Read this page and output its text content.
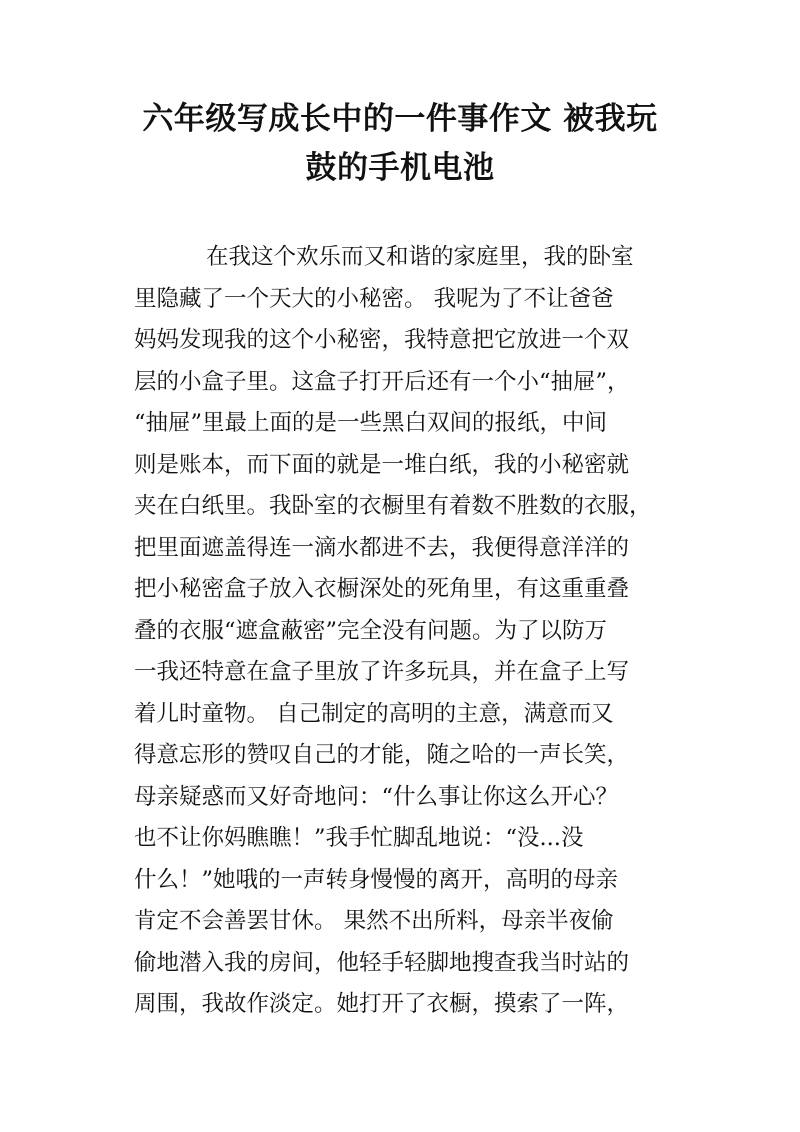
六年级写成长中的一件事作文 被我玩
鼓的手机电池
在我这个欢乐而又和谐的家庭里，我的卧室
里隐藏了一个天大的小秘密。 我呢为了不让爸爸
妈妈发现我的这个小秘密，我特意把它放进一个双
层的小盒子里。这盒子打开后还有一个小“抽屉”，
“抽屉”里最上面的是一些黑白双间的报纸，中间
则是账本，而下面的就是一堆白纸，我的小秘密就
夹在白纸里。我卧室的衣橱里有着数不胜数的衣服，
把里面遮盖得连一滴水都进不去，我便得意洋洋的
把小秘密盒子放入衣橱深处的死角里，有这重重叠
叠的衣服“遮盒蔽密”完全没有问题。为了以防万
一我还特意在盒子里放了许多玩具，并在盒子上写
着儿时童物。 自己制定的高明的主意，满意而又
得意忘形的赞叹自己的才能，随之哈的一声长笑，
母亲疑惑而又好奇地问：“什么事让你这么开心？
也不让你妈瞧瞧！”我手忙脚乱地说：“没...没
什么！”她哦的一声转身慢慢的离开，高明的母亲
肯定不会善罢甘休。 果然不出所料，母亲半夜偷
偷地潜入我的房间，他轻手轻脚地搜查我当时站的
周围，我故作淡定。她打开了衣橱，摸索了一阵，
